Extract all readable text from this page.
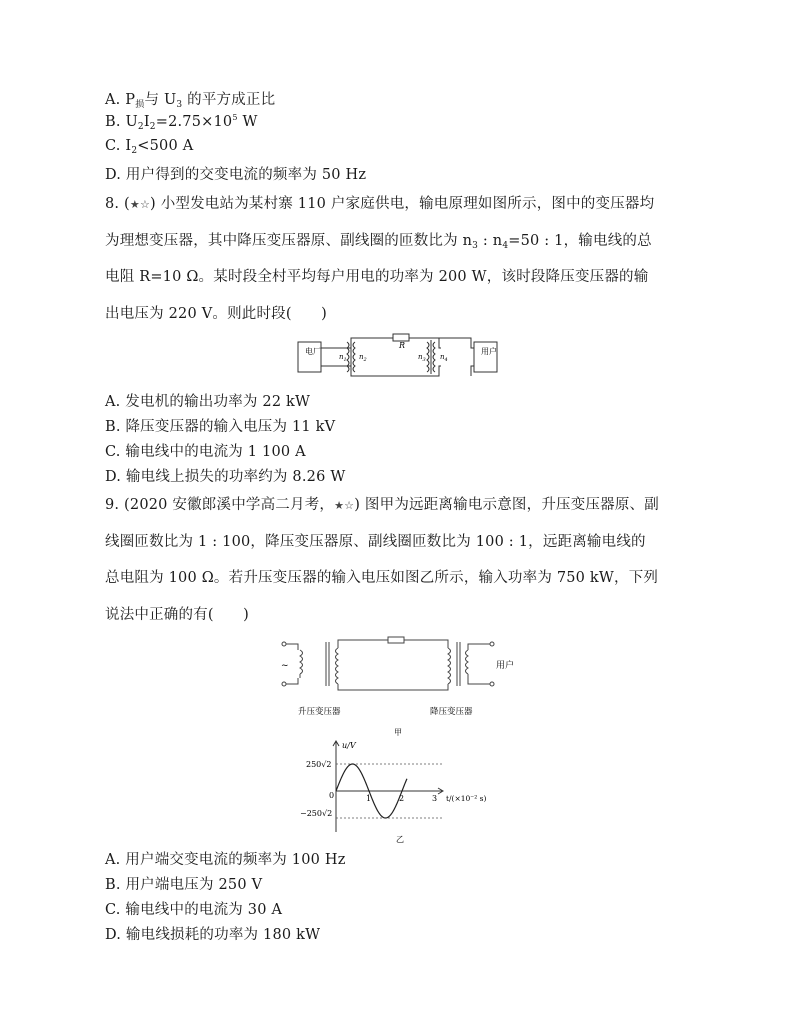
A. $P_损$与 $U_3$ 的平方成正比
B. $U_2I_2=2.75\times 10^5$ W
C. $I_2<500$ A
D. 用户得到的交变电流的频率为 50 Hz
8. (★☆) 小型发电站为某村寨 110 户家庭供电，输电原理如图所示，图中的变压器均
为理想变压器，其中降压变压器原、副线圈的匝数比为 $n_3$ : $n_4=50$ : 1，输电线的总
电阻 R=10 Ω。某时段全村平均每户用电的功率为 200 W，该时段降压变压器的输
出电压为 220 V。则此时段(　　)
R
电厂	用户
$n_1$ $n_2$	$n_3$ $n_4$
A. 发电机的输出功率为 22 kW
B. 降压变压器的输入电压为 11 kV
C. 输电线中的电流为 1 100 A
D. 输电线上损失的功率约为 8.26 W
9. (2020 安徽郎溪中学高二月考，★☆) 图甲为远距离输电示意图，升压变压器原、副
线圈匝数比为 1 : 100，降压变压器原、副线圈匝数比为 100 : 1，远距离输电线的
总电阻为 100 Ω。若升压变压器的输入电压如图乙所示，输入功率为 750 kW，下列
说法中正确的有(　　)
~	用户
升压变压器	降压变压器
甲
250√2
−250√2
0
u/V
1	2	3 t/(×10⁻² s)
乙
A. 用户端交变电流的频率为 100 Hz
B. 用户端电压为 250 V
C. 输电线中的电流为 30 A
D. 输电线损耗的功率为 180 kW
